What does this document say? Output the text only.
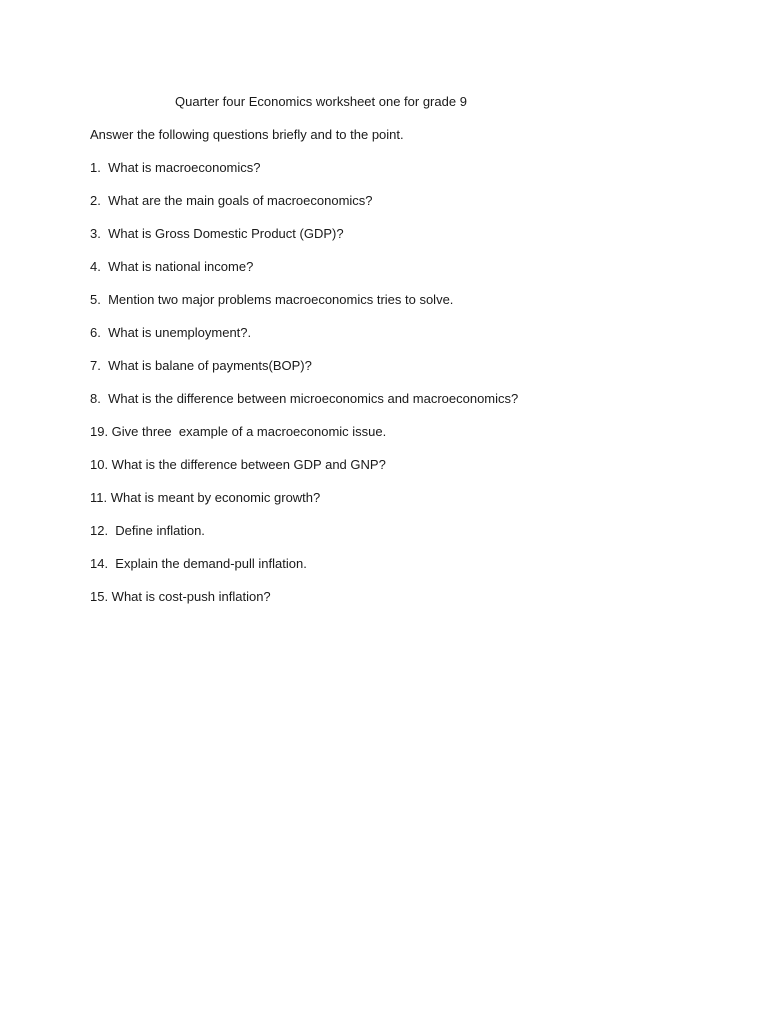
Quarter four Economics worksheet one for grade 9

Answer the following questions briefly and to the point.

1.  What is macroeconomics?
2.  What are the main goals of macroeconomics?
3.  What is Gross Domestic Product (GDP)?
4.  What is national income?
5.  Mention two major problems macroeconomics tries to solve.
6.  What is unemployment?.
7.  What is balane of payments(BOP)?
8.  What is the difference between microeconomics and macroeconomics?
19. Give three  example of a macroeconomic issue.
10. What is the difference between GDP and GNP?
11. What is meant by economic growth?
12.  Define inflation.
14.  Explain the demand-pull inflation.
15. What is cost-push inflation?
